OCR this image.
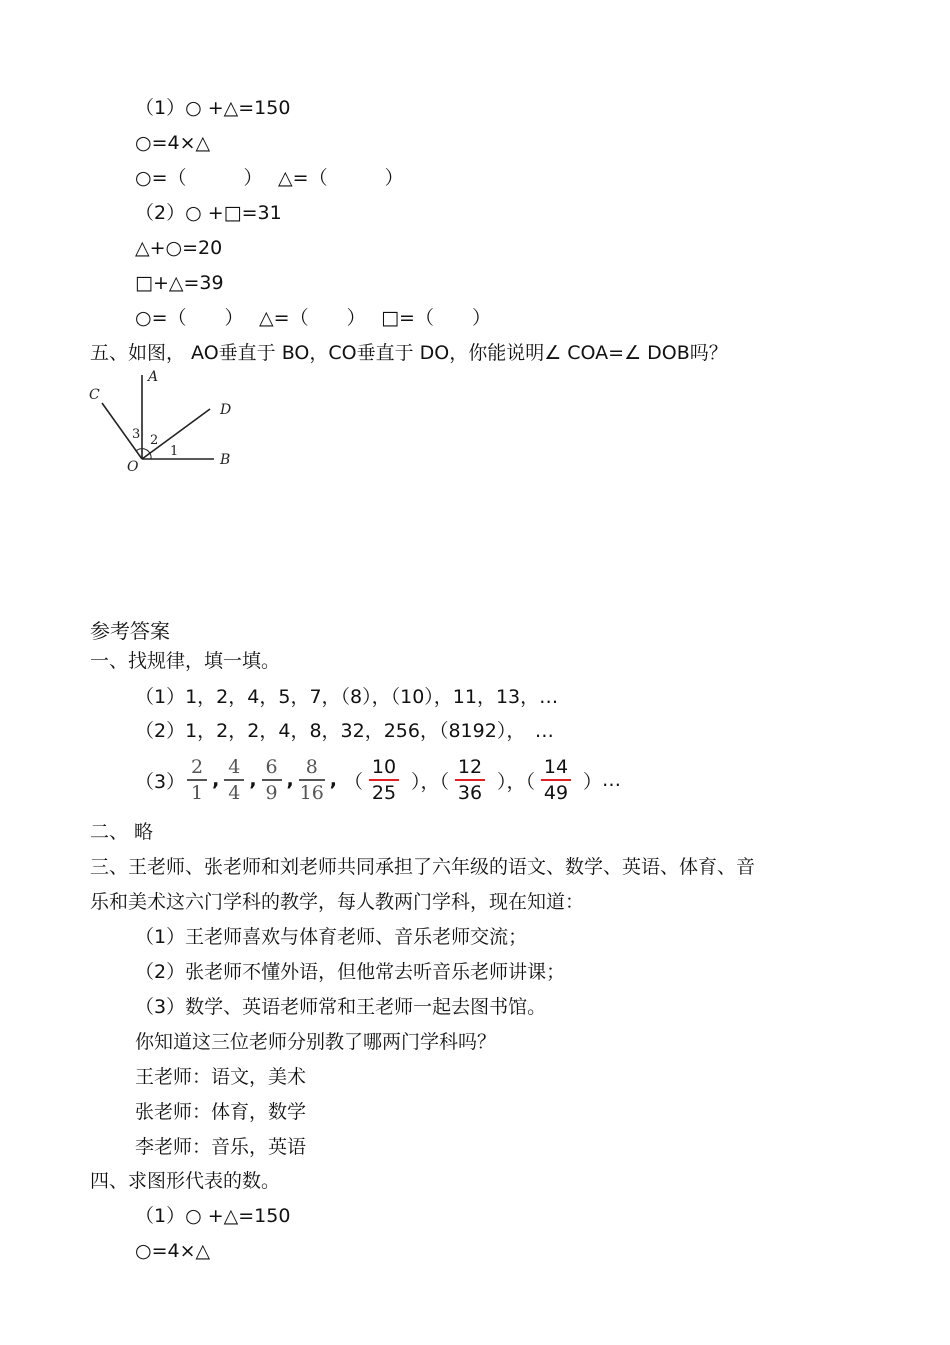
（1）○ +△=150
○=4×△
○=（　　　）　 △=（　　　）
（2）○ +□=31
△+○=20
□+△=39
○=（　　）　 △=（　　）　 □=（　　）
五、如图， AO垂直于 BO，CO垂直于 DO，你能说明∠ COA=∠ DOB吗？
A
B
C
D
O
1
2
3
参考答案
一、找规律，填一填。
（1）1，2，4，5，7，（8），（10），11，13，…
（2）1，2，2，4，8，32，256，（8192），　…
$(3) \frac{2}{1}$ , $\frac{4}{4}$ , $\frac{6}{9}$ , $\frac{8}{16}$ , （ $\frac{10}{25}$ ），（ $\frac{12}{36}$ ），（ $\frac{14}{49}$ ） …
二、 略
三、王老师、张老师和刘老师共同承担了六年级的语文、数学、英语、体育、音
乐和美术这六门学科的教学，每人教两门学科，现在知道：
（1）王老师喜欢与体育老师、音乐老师交流；
（2）张老师不懂外语，但他常去听音乐老师讲课；
（3）数学、英语老师常和王老师一起去图书馆。
你知道这三位老师分别教了哪两门学科吗？
王老师：语文，美术
张老师：体育，数学
李老师：音乐，英语
四、求图形代表的数。
（1）○ +△=150
○=4×△
